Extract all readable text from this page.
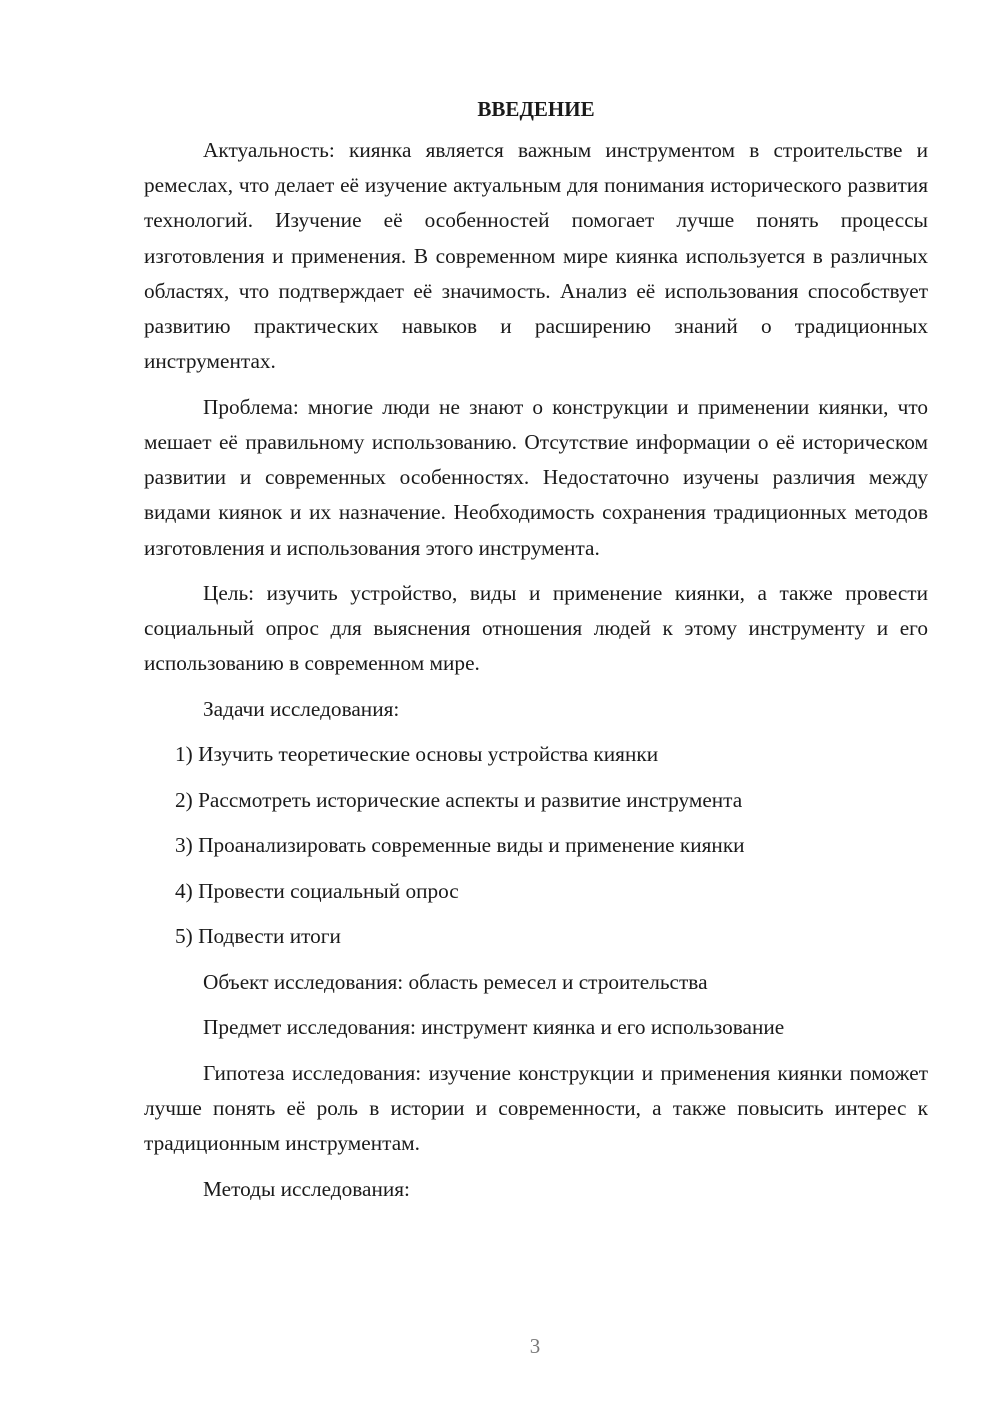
ВВЕДЕНИЕ

Актуальность: киянка является важным инструментом в строительстве и ремеслах, что делает её изучение актуальным для понимания исторического развития технологий. Изучение её особенностей помогает лучше понять процессы изготовления и применения. В современном мире киянка используется в различных областях, что подтверждает её значимость. Анализ её использования способствует развитию практических навыков и расширению знаний о традиционных инструментах.

Проблема: многие люди не знают о конструкции и применении киянки, что мешает её правильному использованию. Отсутствие информации о её историческом развитии и современных особенностях. Недостаточно изучены различия между видами киянок и их назначение. Необходимость сохранения традиционных методов изготовления и использования этого инструмента.

Цель: изучить устройство, виды и применение киянки, а также провести социальный опрос для выяснения отношения людей к этому инструменту и его использованию в современном мире.

Задачи исследования:

1) Изучить теоретические основы устройства киянки

2) Рассмотреть исторические аспекты и развитие инструмента

3) Проанализировать современные виды и применение киянки

4) Провести социальный опрос

5) Подвести итоги

Объект исследования: область ремесел и строительства

Предмет исследования: инструмент киянка и его использование

Гипотеза исследования: изучение конструкции и применения киянки поможет лучше понять её роль в истории и современности, а также повысить интерес к традиционным инструментам.

Методы исследования:

3
